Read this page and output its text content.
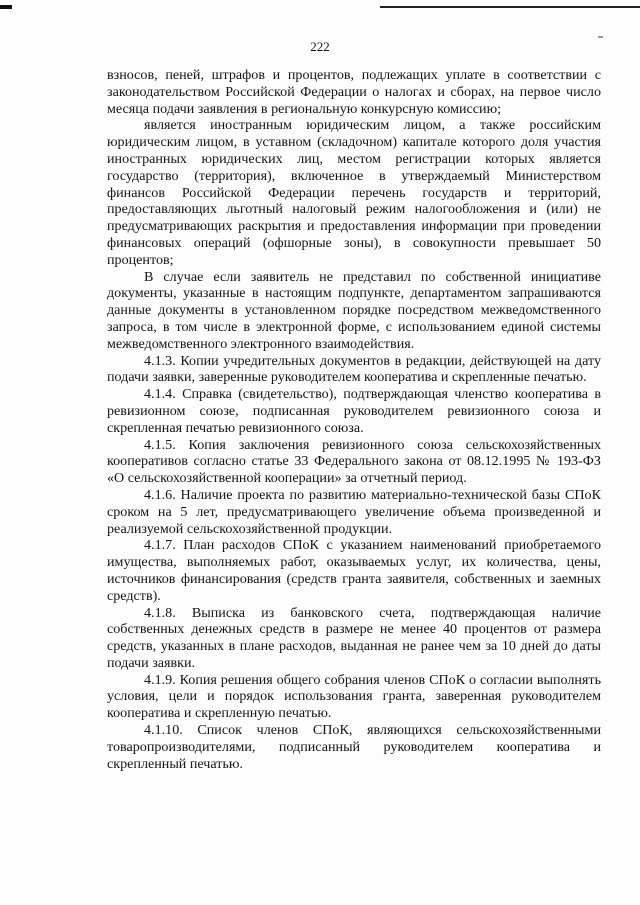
222

взносов, пеней, штрафов и процентов, подлежащих уплате в соответствии с законодательством Российской Федерации о налогах и сборах, на первое число месяца подачи заявления в региональную конкурсную комиссию;

является иностранным юридическим лицом, а также российским юридическим лицом, в уставном (складочном) капитале которого доля участия иностранных юридических лиц, местом регистрации которых является государство (территория), включенное в утверждаемый Министерством финансов Российской Федерации перечень государств и территорий, предоставляющих льготный налоговый режим налогообложения и (или) не предусматривающих раскрытия и предоставления информации при проведении финансовых операций (офшорные зоны), в совокупности превышает 50 процентов;

В случае если заявитель не представил по собственной инициативе документы, указанные в настоящим подпункте, департаментом запрашиваются данные документы в установленном порядке посредством межведомственного запроса, в том числе в электронной форме, с использованием единой системы межведомственного электронного взаимодействия.

4.1.3. Копии учредительных документов в редакции, действующей на дату подачи заявки, заверенные руководителем кооператива и скрепленные печатью.

4.1.4. Справка (свидетельство), подтверждающая членство кооператива в ревизионном союзе, подписанная руководителем ревизионного союза и скрепленная печатью ревизионного союза.

4.1.5. Копия заключения ревизионного союза сельскохозяйственных кооперативов согласно статье 33 Федерального закона от 08.12.1995 № 193-ФЗ «О сельскохозяйственной кооперации» за отчетный период.

4.1.6. Наличие проекта по развитию материально-технической базы СПоК сроком на 5 лет, предусматривающего увеличение объема произведенной и реализуемой сельскохозяйственной продукции.

4.1.7. План расходов СПоК с указанием наименований приобретаемого имущества, выполняемых работ, оказываемых услуг, их количества, цены, источников финансирования (средств гранта заявителя, собственных и заемных средств).

4.1.8. Выписка из банковского счета, подтверждающая наличие собственных денежных средств в размере не менее 40 процентов от размера средств, указанных в плане расходов, выданная не ранее чем за 10 дней до даты подачи заявки.

4.1.9. Копия решения общего собрания членов СПоК о согласии выполнять условия, цели и порядок использования гранта, заверенная руководителем кооператива и скрепленную печатью.

4.1.10. Список членов СПоК, являющихся сельскохозяйственными товаропроизводителями, подписанный руководителем кооператива и скрепленный печатью.
